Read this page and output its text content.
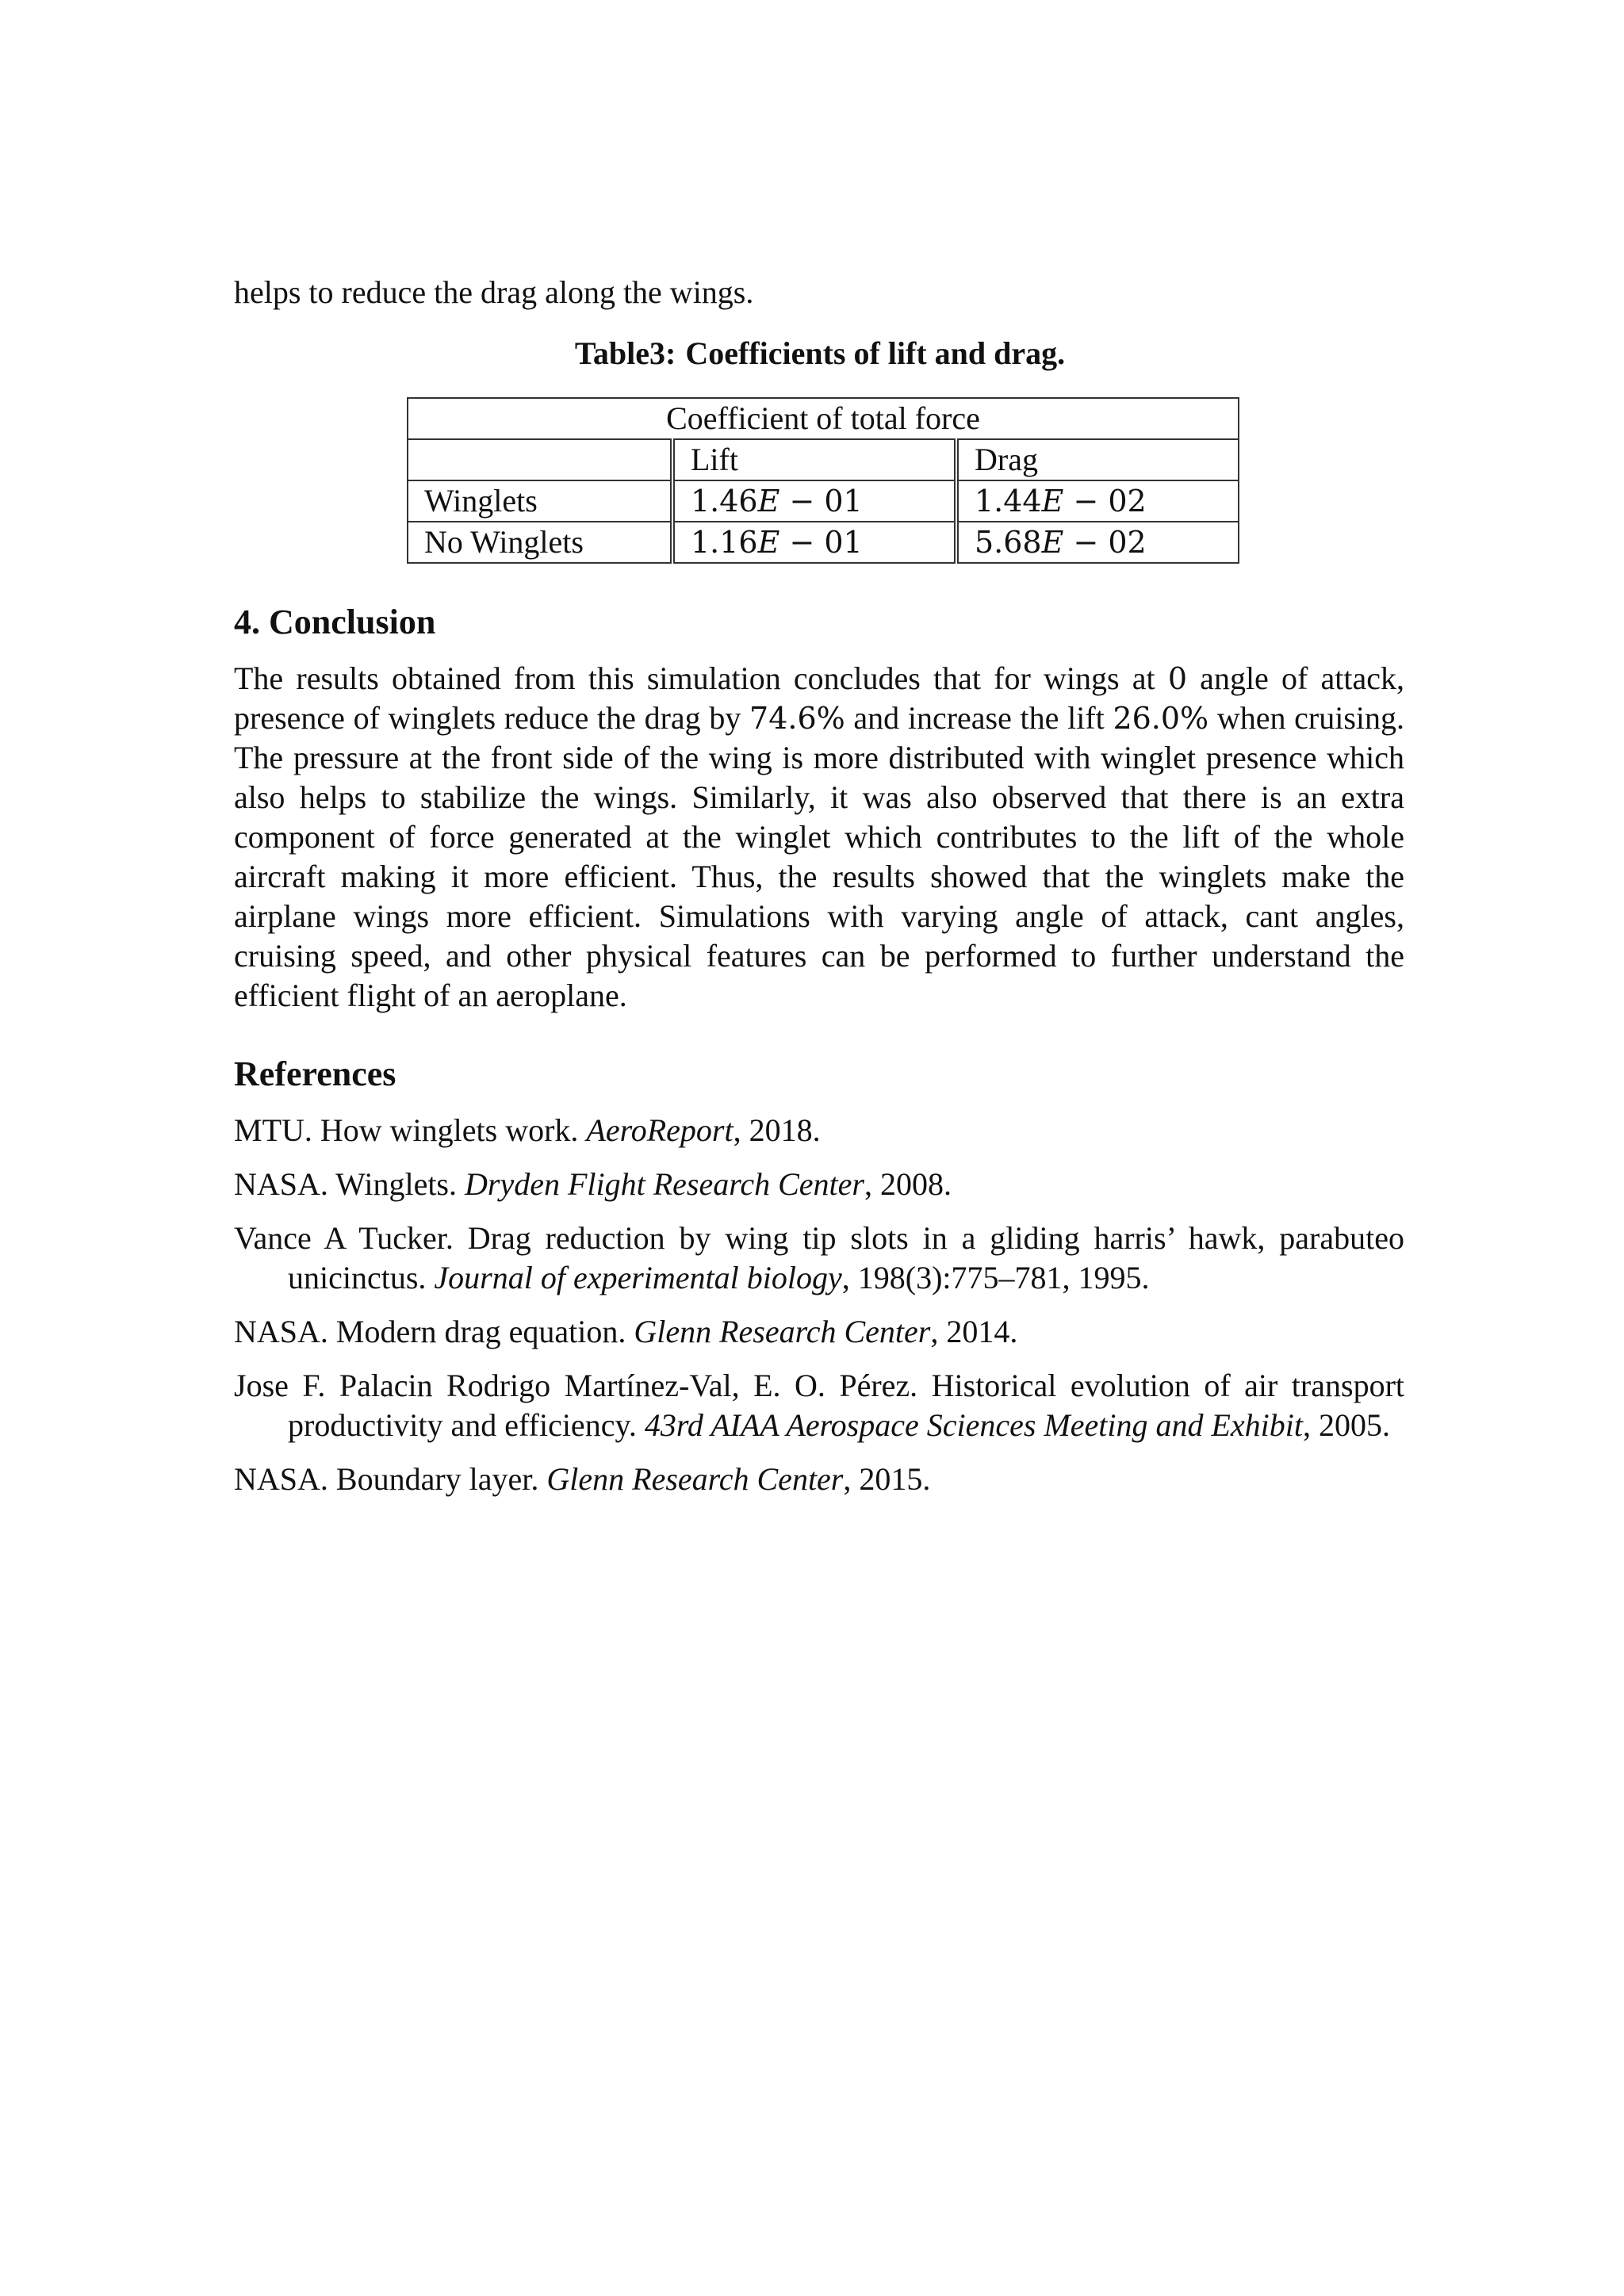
helps to reduce the drag along the wings.

Table3: Coefficients of lift and drag.
Coefficient of total force		
	Lift	Drag
Winglets	1.46E − 01	1.44E − 02
No Winglets	1.16E − 01	5.68E − 02
4. Conclusion

The results obtained from this simulation concludes that for wings at 0 angle of attack, presence of winglets reduce the drag by 74.6% and increase the lift 26.0% when cruising. The pressure at the front side of the wing is more distributed with winglet presence which also helps to stabilize the wings. Similarly, it was also observed that there is an extra component of force generated at the winglet which contributes to the lift of the whole aircraft making it more efficient. Thus, the results showed that the winglets make the airplane wings more efficient. Simulations with varying angle of attack, cant angles, cruising speed, and other physical features can be performed to further understand the efficient flight of an aeroplane.

References

MTU. How winglets work. AeroReport, 2018.

NASA. Winglets. Dryden Flight Research Center, 2008.

Vance A Tucker. Drag reduction by wing tip slots in a gliding harris’ hawk, parabuteo unicinctus. Journal of experimental biology, 198(3):775–781, 1995.

NASA. Modern drag equation. Glenn Research Center, 2014.

Jose F. Palacin Rodrigo Martínez-Val, E. O. Pérez. Historical evolution of air transport productivity and efficiency. 43rd AIAA Aerospace Sciences Meeting and Exhibit, 2005.

NASA. Boundary layer. Glenn Research Center, 2015.
